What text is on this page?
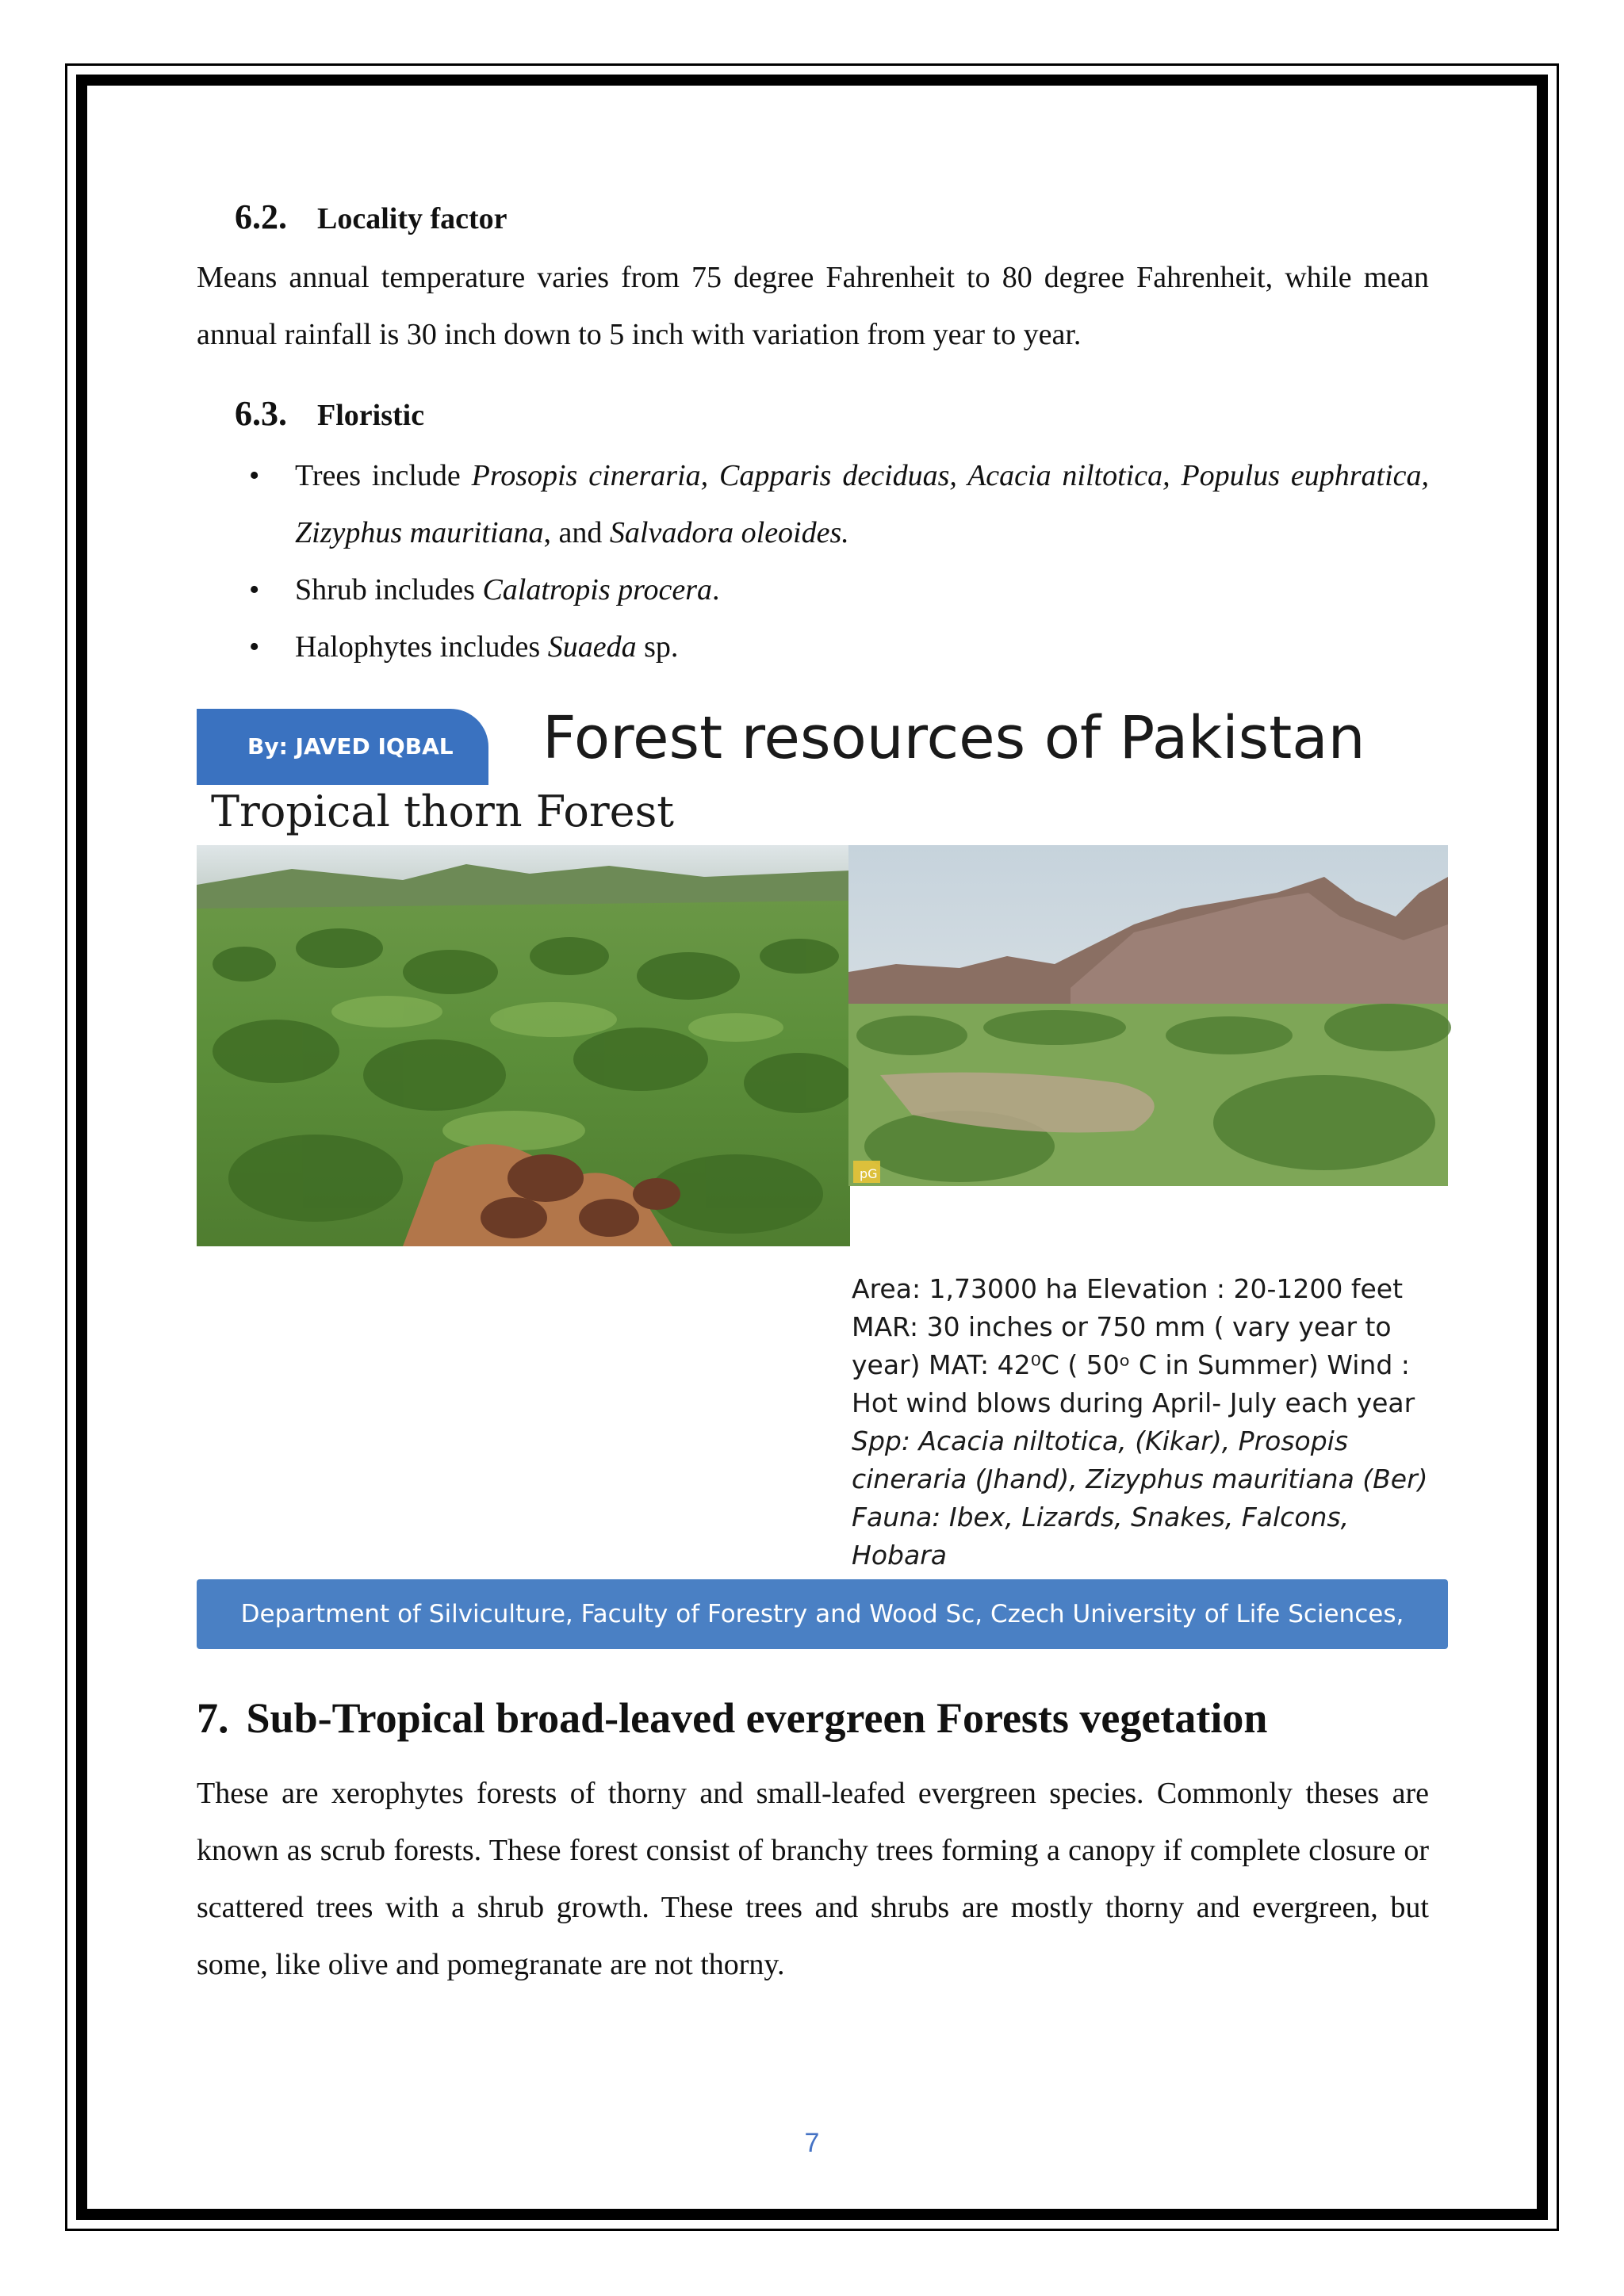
6.2. Locality factor

Means annual temperature varies from 75 degree Fahrenheit to 80 degree Fahrenheit, while mean annual rainfall is 30 inch down to 5 inch with variation from year to year.

6.3. Floristic
• Trees include Prosopis cineraria, Capparis deciduas, Acacia niltotica, Populus euphratica, Zizyphus mauritiana, and Salvadora oleoides.
• Shrub includes Calatropis procera.
• Halophytes includes Suaeda sp.
By: JAVED IQBAL	Forest resources of Pakistan
Tropical thorn Forest
pG
Area: 1,73000 ha Elevation : 20-1200 feet
MAR: 30 inches or 750 mm ( vary year to
year) MAT: 42⁰C ( 50ᵒ C in Summer) Wind :
Hot wind blows during April- July each year
Spp: Acacia niltotica, (Kikar), Prosopis
cineraria (Jhand), Zizyphus mauritiana (Ber)
Fauna: Ibex, Lizards, Snakes, Falcons, Hobara
Department of Silviculture, Faculty of Forestry and Wood Sc, Czech University of Life Sciences, Prague
7. Sub-Tropical broad-leaved evergreen Forests vegetation

These are xerophytes forests of thorny and small-leafed evergreen species. Commonly theses are known as scrub forests. These forest consist of branchy trees forming a canopy if complete closure or scattered trees with a shrub growth. These trees and shrubs are mostly thorny and evergreen, but some, like olive and pomegranate are not thorny.

7
